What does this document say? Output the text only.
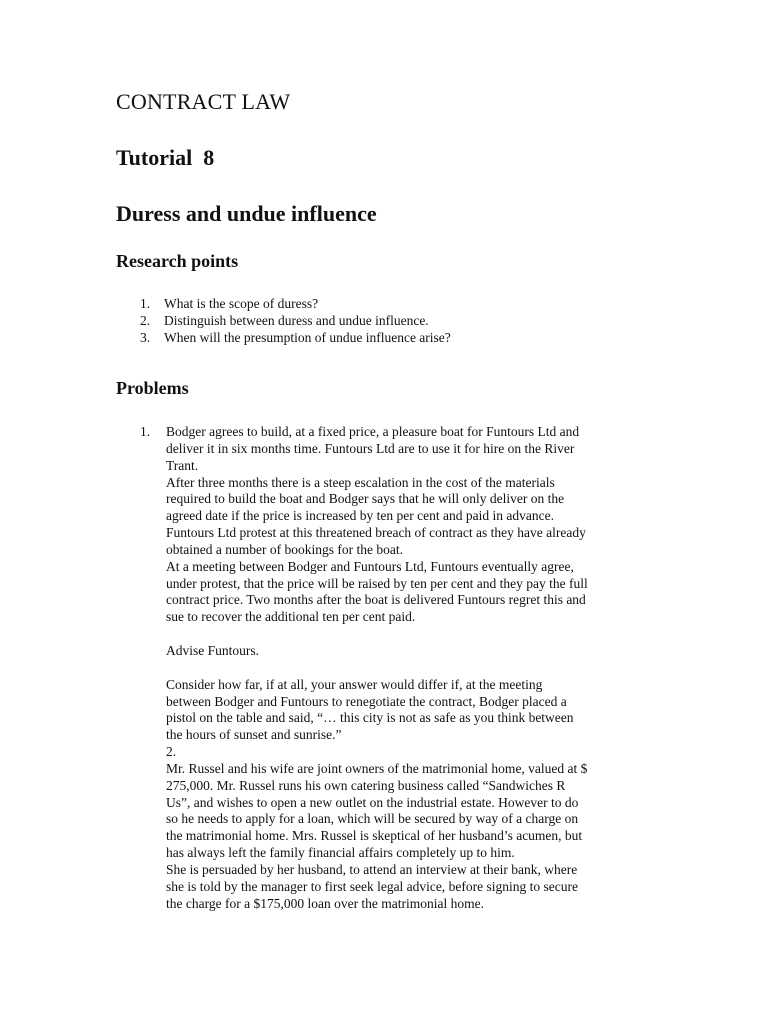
CONTRACT LAW
Tutorial  8
Duress and undue influence
Research points
1. What is the scope of duress?
2. Distinguish between duress and undue influence.
3. When will the presumption of undue influence arise?
Problems
1. Bodger agrees to build, at a fixed price, a pleasure boat for Funtours Ltd and
deliver it in six months time. Funtours Ltd are to use it for hire on the River
Trant.

After three months there is a steep escalation in the cost of the materials
required to build the boat and Bodger says that he will only deliver on the
agreed date if the price is increased by ten per cent and paid in advance.
Funtours Ltd protest at this threatened breach of contract as they have already
obtained a number of bookings for the boat.

At a meeting between Bodger and Funtours Ltd, Funtours eventually agree,
under protest, that the price will be raised by ten per cent and they pay the full
contract price. Two months after the boat is delivered Funtours regret this and
sue to recover the additional ten per cent paid.

Advise Funtours.

Consider how far, if at all, your answer would differ if, at the meeting
between Bodger and Funtours to renegotiate the contract, Bodger placed a
pistol on the table and said, “… this city is not as safe as you think between
the hours of sunset and sunrise.”

2.

Mr. Russel and his wife are joint owners of the matrimonial home, valued at $
275,000. Mr. Russel runs his own catering business called “Sandwiches R
Us”, and wishes to open a new outlet on the industrial estate. However to do
so he needs to apply for a loan, which will be secured by way of a charge on
the matrimonial home. Mrs. Russel is skeptical of her husband’s acumen, but
has always left the family financial affairs completely up to him.

She is persuaded by her husband, to attend an interview at their bank, where
she is told by the manager to first seek legal advice, before signing to secure
the charge for a $175,000 loan over the matrimonial home.
